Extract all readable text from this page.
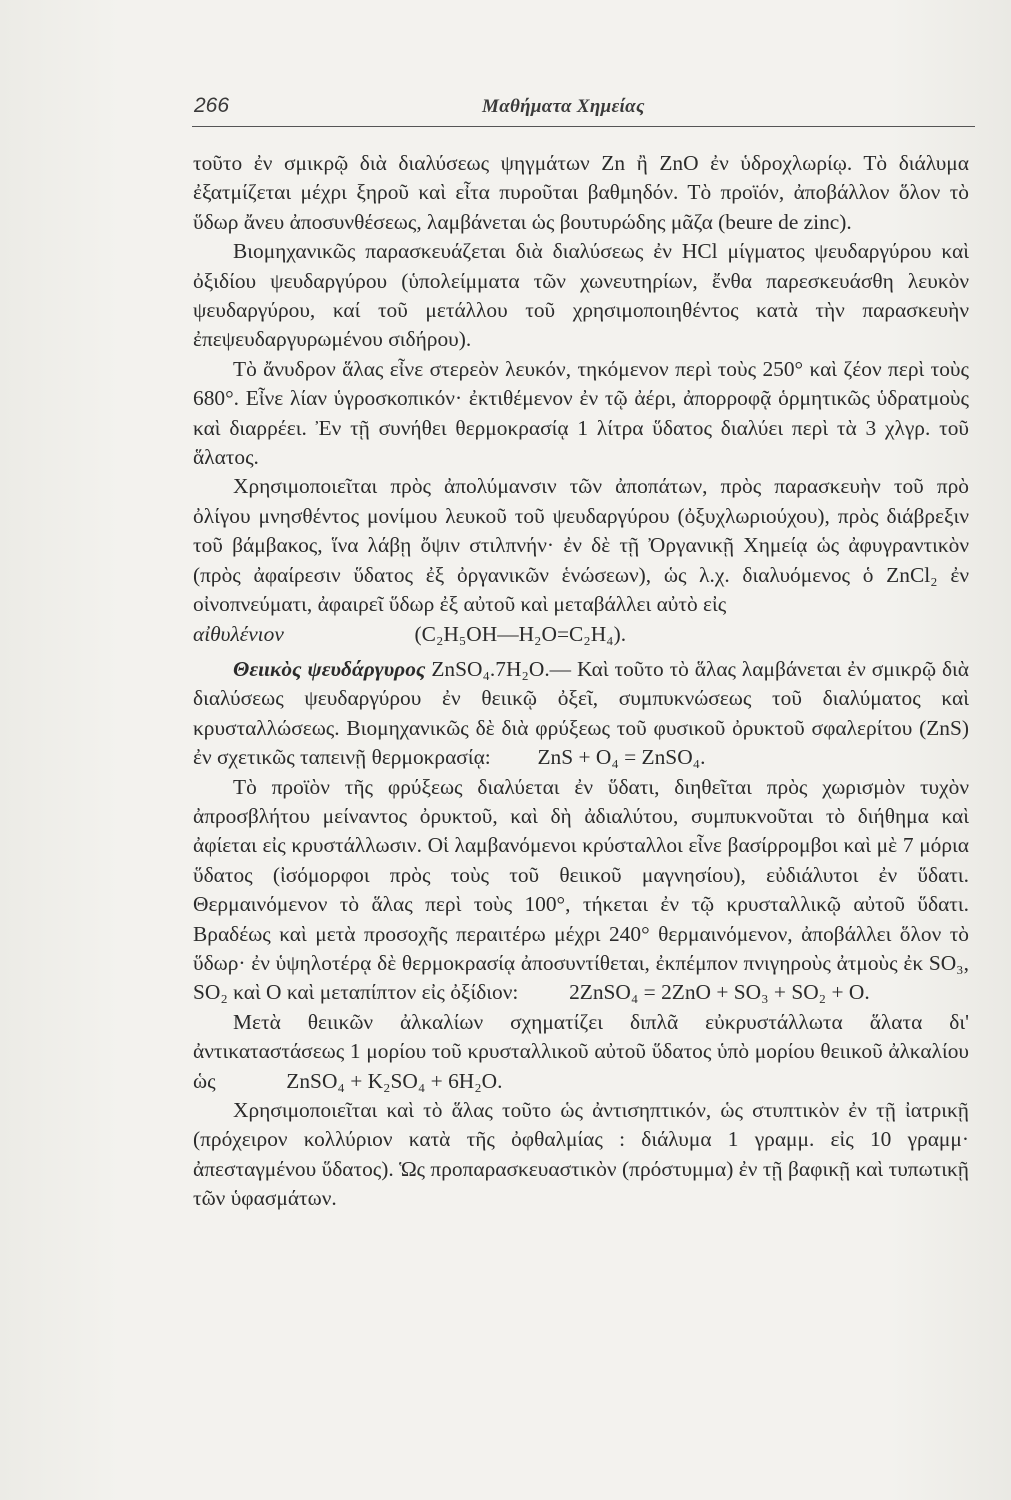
266	Μαθήματα Χημείας

τοῦτο ἐν σμικρῷ διὰ διαλύσεως ψηγμάτων Zn ἢ ZnO ἐν ὑδροχλωρίῳ. Τὸ διάλυμα ἐξατμίζεται μέχρι ξηροῦ καὶ εἶτα πυροῦται βαθμηδόν. Τὸ προϊόν, ἀποβάλλον ὅλον τὸ ὕδωρ ἄνευ ἀποσυνθέσεως, λαμβάνεται ὡς βουτυρώδης μᾶζα (beure de zinc).

Βιομηχανικῶς παρασκευάζεται διὰ διαλύσεως ἐν HCl μίγματος ψευδαργύρου καὶ ὀξιδίου ψευδαργύρου (ὑπολείμματα τῶν χωνευτηρίων, ἔνθα παρεσκευάσθη λευκὸν ψευδαργύρου, καί τοῦ μετάλλου τοῦ χρησιμοποιηθέντος κατὰ τὴν παρασκευὴν ἐπεψευδαργυρωμένου σιδήρου).

Τὸ ἄνυδρον ἅλας εἶνε στερεὸν λευκόν, τηκόμενον περὶ τοὺς 250° καὶ ζέον περὶ τοὺς 680°. Εἶνε λίαν ὑγροσκοπικόν· ἐκτιθέμενον ἐν τῷ ἀέρι, ἀπορροφᾷ ὁρμητικῶς ὑδρατμοὺς καὶ διαρρέει. Ἐν τῇ συνήθει θερμοκρασίᾳ 1 λίτρα ὕδατος διαλύει περὶ τὰ 3 χλγρ. τοῦ ἅλατος.

Χρησιμοποιεῖται πρὸς ἀπολύμανσιν τῶν ἀποπάτων, πρὸς παρασκευὴν τοῦ πρὸ ὀλίγου μνησθέντος μονίμου λευκοῦ τοῦ ψευδαργύρου (ὀξυχλωριούχου), πρὸς διάβρεξιν τοῦ βάμβακος, ἵνα λάβῃ ὄψιν στιλπνήν· ἐν δὲ τῇ Ὀργανικῇ Χημείᾳ ὡς ἀφυγραντικὸν (πρὸς ἀφαίρεσιν ὕδατος ἐξ ὀργανικῶν ἑνώσεων), ὡς λ.χ. διαλυόμενος ὁ ZnCl₂ ἐν οἰνοπνεύματι, ἀφαιρεῖ ὕδωρ ἐξ αὐτοῦ καὶ μεταβάλλει αὐτὸ εἰς

αἰθυλένιον	(C₂H₅OH—H₂O=C₂H₄).

Θειικὸς ψευδάργυρος ZnSO₄.7H₂O.— Καὶ τοῦτο τὸ ἅλας λαμβάνεται ἐν σμικρῷ διὰ διαλύσεως ψευδαργύρου ἐν θειικῷ ὀξεῖ, συμπυκνώσεως τοῦ διαλύματος καὶ κρυσταλλώσεως. Βιομηχανικῶς δὲ διὰ φρύξεως τοῦ φυσικοῦ ὀρυκτοῦ σφαλερίτου (ZnS) ἐν σχετικῶς ταπεινῇ θερμοκρασίᾳ: ZnS + O₄ = ZnSO₄.

Τὸ προϊὸν τῆς φρύξεως διαλύεται ἐν ὕδατι, διηθεῖται πρὸς χωρισμὸν τυχὸν ἀπροσβλήτου μείναντος ὀρυκτοῦ, καὶ δὴ ἀδιαλύτου, συμπυκνοῦται τὸ διήθημα καὶ ἀφίεται εἰς κρυστάλλωσιν. Οἱ λαμβανόμενοι κρύσταλλοι εἶνε βασίρρομβοι καὶ μὲ 7 μόρια ὕδατος (ἰσόμορφοι πρὸς τοὺς τοῦ θειικοῦ μαγνησίου), εὐδιάλυτοι ἐν ὕδατι. Θερμαινόμενον τὸ ἅλας περὶ τοὺς 100°, τήκεται ἐν τῷ κρυσταλλικῷ αὐτοῦ ὕδατι. Βραδέως καὶ μετὰ προσοχῆς περαιτέρω μέχρι 240° θερμαινόμενον, ἀποβάλλει ὅλον τὸ ὕδωρ· ἐν ὑψηλοτέρᾳ δὲ θερμοκρασίᾳ ἀποσυντίθεται, ἐκπέμπον πνιγηροὺς ἀτμοὺς ἐκ SO₃, SO₂ καὶ O καὶ μεταπίπτον εἰς ὀξίδιον: 2ZnSO₄ = 2ZnO + SO₃ + SO₂ + O.

Μετὰ θειικῶν ἀλκαλίων σχηματίζει διπλᾶ εὐκρυστάλλωτα ἅλατα δι' ἀντικαταστάσεως 1 μορίου τοῦ κρυσταλλικοῦ αὐτοῦ ὕδατος ὑπὸ μορίου θειικοῦ ἀλκαλίου ὡς	ZnSO₄ + K₂SO₄ + 6H₂O.

Χρησιμοποιεῖται καὶ τὸ ἅλας τοῦτο ὡς ἀντισηπτικόν, ὡς στυπτικὸν ἐν τῇ ἰατρικῇ (πρόχειρον κολλύριον κατὰ τῆς ὀφθαλμίας : διάλυμα 1 γραμμ. εἰς 10 γραμμ· ἀπεσταγμένου ὕδατος). Ὡς προπαρασκευαστικὸν (πρόστυμμα) ἐν τῇ βαφικῇ καὶ τυπωτικῇ τῶν ὑφασμάτων.
